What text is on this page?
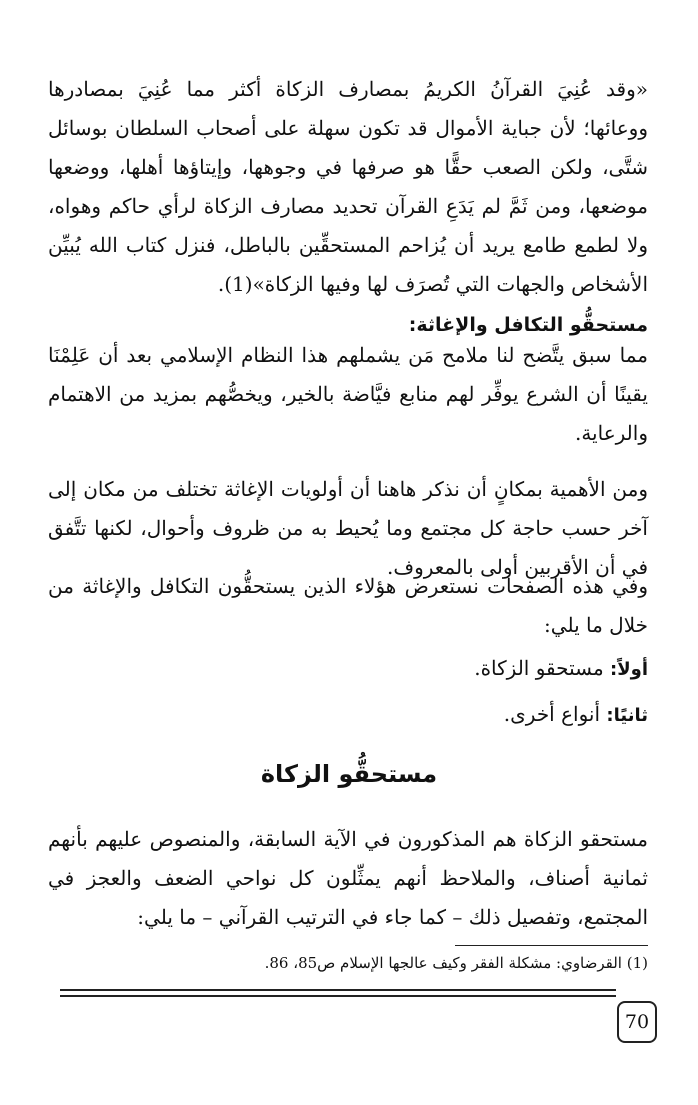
«وقد عُنِيَ القرآنُ الكريمُ بمصارف الزكاة أكثر مما عُنِيَ بمصادرها ووعائها؛ لأن جباية الأموال قد تكون سهلة على أصحاب السلطان بوسائل شتَّى، ولكن الصعب حقًّا هو صرفها في وجوهها، وإيتاؤها أهلها، ووضعها موضعها، ومن ثَمَّ لم يَدَعِ القرآن تحديد مصارف الزكاة لرأي حاكم وهواه، ولا لطمع طامع يريد أن يُزاحم المستحقِّين بالباطل، فنزل كتاب الله يُبيِّن الأشخاص والجهات التي تُصرَف لها وفيها الزكاة»(1).
مستحقُّو التكافل والإغاثة:
مما سبق يتَّضح لنا ملامح مَن يشملهم هذا النظام الإسلامي بعد أن عَلِمْنَا يقينًا أن الشرع يوفِّر لهم منابع فيَّاضة بالخير، ويخصُّهم بمزيد من الاهتمام والرعاية.
ومن الأهمية بمكانٍ أن نذكر هاهنا أن أولويات الإغاثة تختلف من مكان إلى آخر حسب حاجة كل مجتمع وما يُحيط به من ظروف وأحوال، لكنها تتَّفق في أن الأقربين أولى بالمعروف.
وفي هذه الصفحات نستعرض هؤلاء الذين يستحقُّون التكافل والإغاثة من خلال ما يلي:
أولاً: مستحقو الزكاة.
ثانيًا: أنواع أخرى.
مستحقُّو الزكاة
مستحقو الزكاة هم المذكورون في الآية السابقة، والمنصوص عليهم بأنهم ثمانية أصناف، والملاحظ أنهم يمثِّلون كل نواحي الضعف والعجز في المجتمع، وتفصيل ذلك – كما جاء في الترتيب القرآني – ما يلي:
(1) القرضاوي: مشكلة الفقر وكيف عالجها الإسلام ص85، 86.
70
